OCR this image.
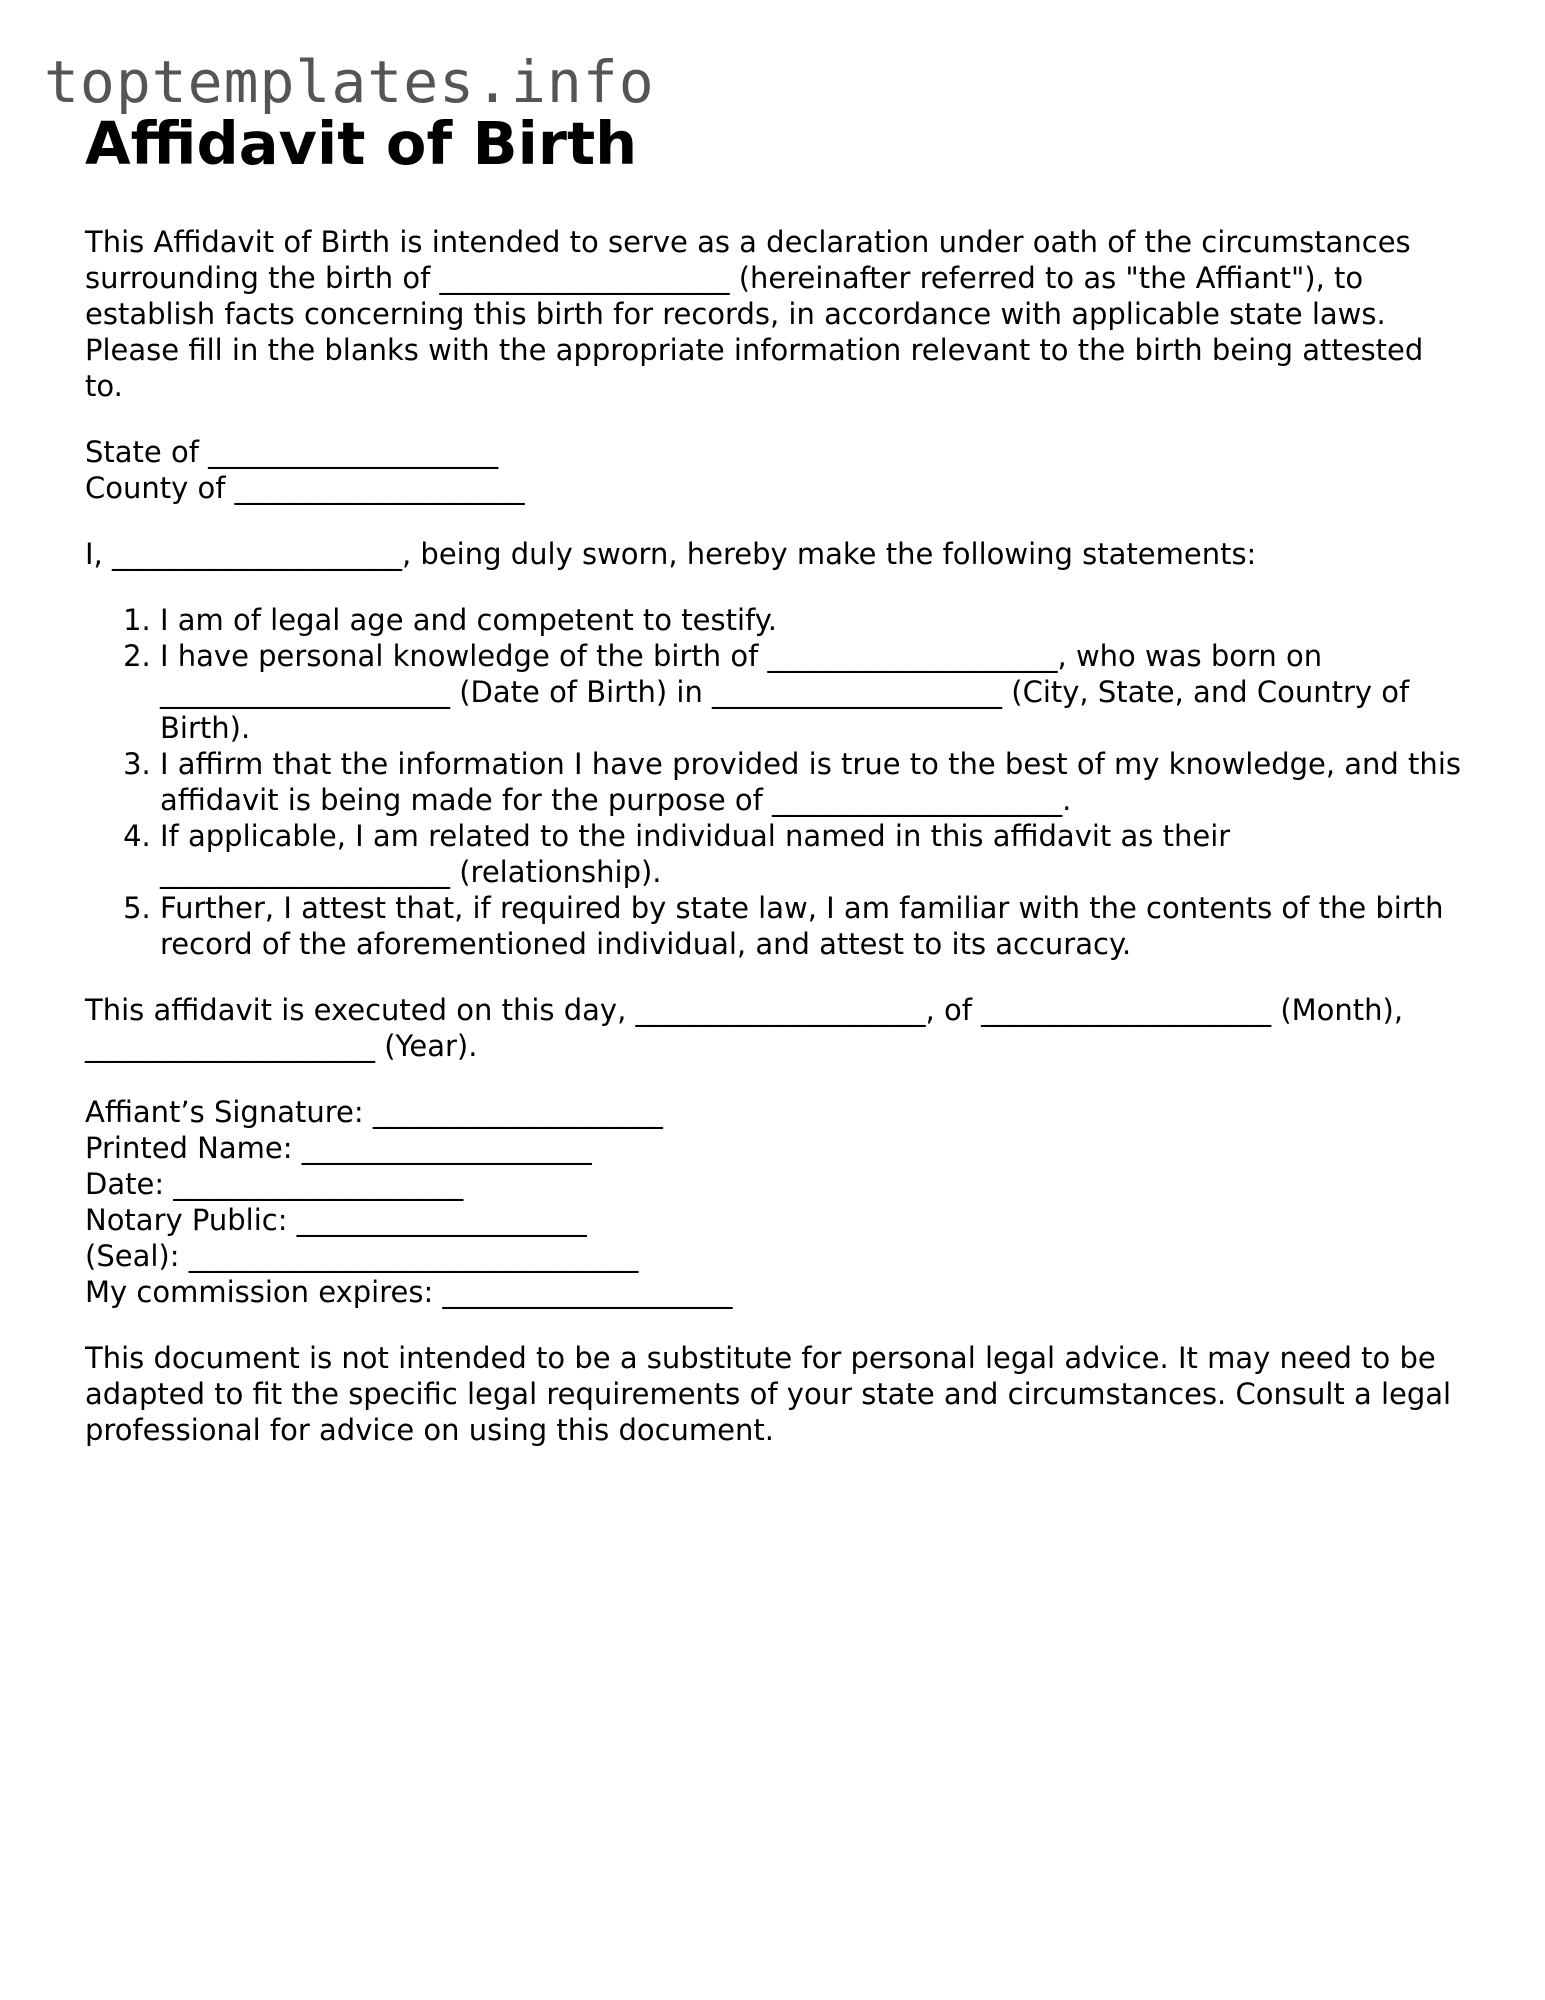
toptemplates.info
Affidavit of Birth

This Affidavit of Birth is intended to serve as a declaration under oath of the circumstances surrounding the birth of ____________________ (hereinafter referred to as "the Affiant"), to establish facts concerning this birth for records, in accordance with applicable state laws. Please fill in the blanks with the appropriate information relevant to the birth being attested to.

State of ____________________
County of ____________________

I, ____________________, being duly sworn, hereby make the following statements:

1. I am of legal age and competent to testify.
2. I have personal knowledge of the birth of ____________________, who was born on ____________________ (Date of Birth) in ____________________ (City, State, and Country of Birth).
3. I affirm that the information I have provided is true to the best of my knowledge, and this affidavit is being made for the purpose of ____________________.
4. If applicable, I am related to the individual named in this affidavit as their ____________________ (relationship).
5. Further, I attest that, if required by state law, I am familiar with the contents of the birth record of the aforementioned individual, and attest to its accuracy.

This affidavit is executed on this day, ____________________, of ____________________ (Month), ____________________ (Year).

Affiant’s Signature: ____________________
Printed Name: ____________________
Date: ____________________
Notary Public: ____________________
(Seal): _______________________________
My commission expires: ____________________

This document is not intended to be a substitute for personal legal advice. It may need to be adapted to fit the specific legal requirements of your state and circumstances. Consult a legal professional for advice on using this document.
